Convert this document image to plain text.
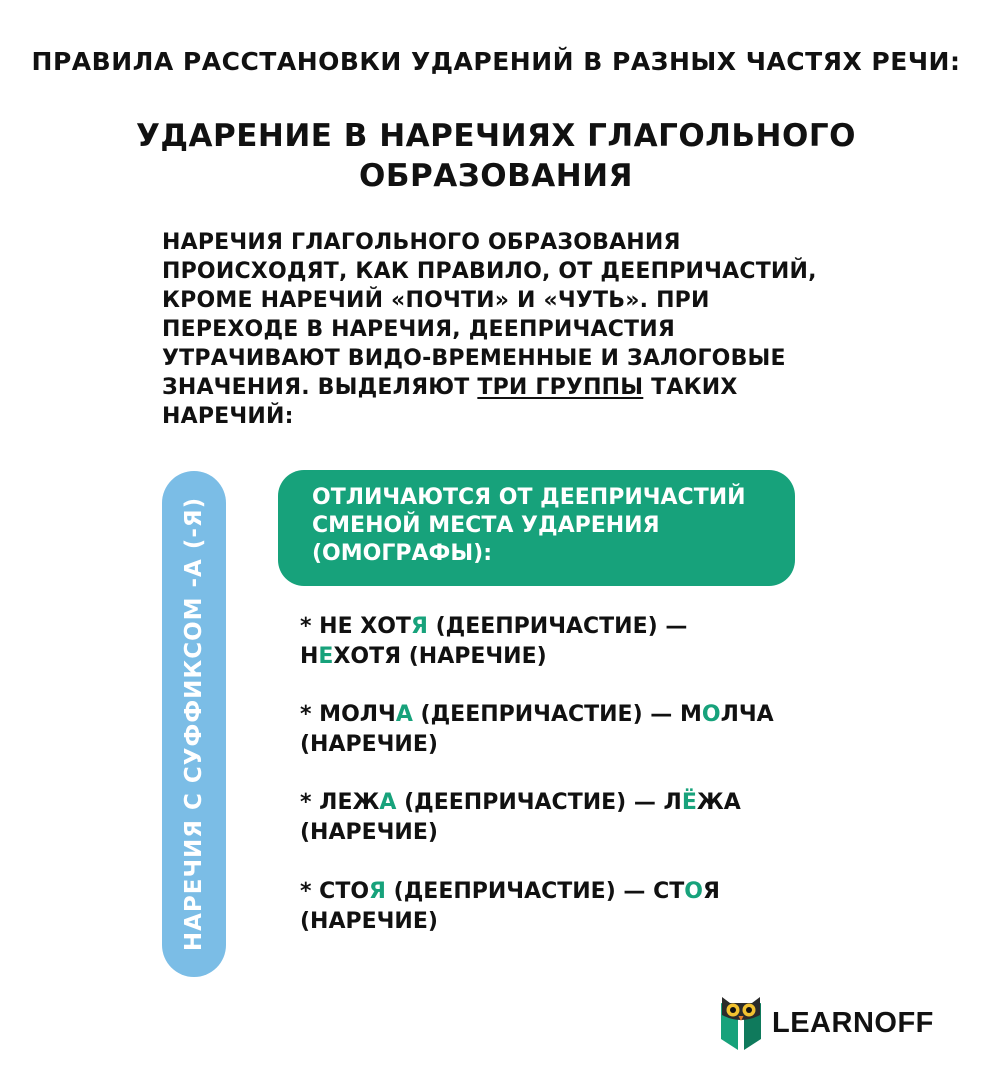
ПРАВИЛА РАССТАНОВКИ УДАРЕНИЙ В РАЗНЫХ ЧАСТЯХ РЕЧИ:
УДАРЕНИЕ В НАРЕЧИЯХ ГЛАГОЛЬНОГО ОБРАЗОВАНИЯ
НАРЕЧИЯ ГЛАГОЛЬНОГО ОБРАЗОВАНИЯ ПРОИСХОДЯТ, КАК ПРАВИЛО, ОТ ДЕЕПРИЧАСТИЙ, КРОМЕ НАРЕЧИЙ «ПОЧТИ» И «ЧУТЬ». ПРИ ПЕРЕХОДЕ В НАРЕЧИЯ, ДЕЕПРИЧАСТИЯ УТРАЧИВАЮТ ВИДО-ВРЕМЕННЫЕ И ЗАЛОГОВЫЕ ЗНАЧЕНИЯ. ВЫДЕЛЯЮТ ТРИ ГРУППЫ ТАКИХ НАРЕЧИЙ:
НАРЕЧИЯ С СУФФИКСОМ -А (-Я)	ОТЛИЧАЮТСЯ ОТ ДЕЕПРИЧАСТИЙ СМЕНОЙ МЕСТА УДАРЕНИЯ (ОМОГРАФЫ):
* НЕ ХОТЯ (ДЕЕПРИЧАСТИЕ) — НЕХОТЯ (НАРЕЧИЕ)
* МОЛЧА (ДЕЕПРИЧАСТИЕ) — МОЛЧА (НАРЕЧИЕ)
* ЛЕЖА (ДЕЕПРИЧАСТИЕ) — ЛЁЖА (НАРЕЧИЕ)
* СТОЯ (ДЕЕПРИЧАСТИЕ) — СТОЯ (НАРЕЧИЕ)
LEARNOFF
